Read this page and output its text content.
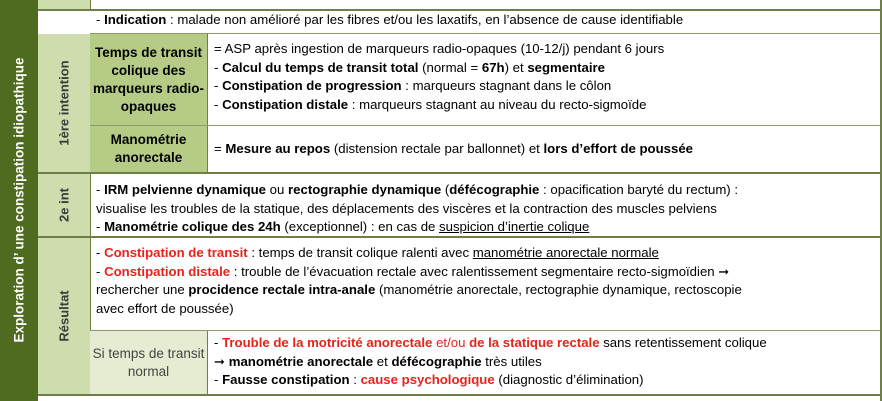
Exploration d’ une constipation idiopathique 1ère intention
2e int
Résultat
Temps de transit colique des marqueurs radio-opaques
Manométrie anorectale
Si temps de transit normal
- Indication : malade non amélioré par les fibres et/ou les laxatifs, en l’absence de cause identifiable
= ASP après ingestion de marqueurs radio-opaques (10-12/j) pendant 6 jours
- Calcul du temps de transit total (normal = 67h) et segmentaire
- Constipation de progression : marqueurs stagnant dans le côlon
- Constipation distale : marqueurs stagnant au niveau du recto-sigmoïde
= Mesure au repos (distension rectale par ballonnet) et lors d’effort de poussée
- IRM pelvienne dynamique ou rectographie dynamique (défécographie : opacification baryté du rectum) :
visualise les troubles de la statique, des déplacements des viscères et la contraction des muscles pelviens
- Manométrie colique des 24h (exceptionnel) : en cas de suspicion d’inertie colique
- Constipation de transit : temps de transit colique ralenti avec manométrie anorectale normale
- Constipation distale : trouble de l’évacuation rectale avec ralentissement segmentaire recto-sigmoïdien ➞
rechercher une procidence rectale intra-anale (manométrie anorectale, rectographie dynamique, rectoscopie
avec effort de poussée)
- Trouble de la motricité anorectale et/ou de la statique rectale sans retentissement colique
➞ manométrie anorectale et défécographie très utiles
- Fausse constipation : cause psychologique (diagnostic d’élimination)
